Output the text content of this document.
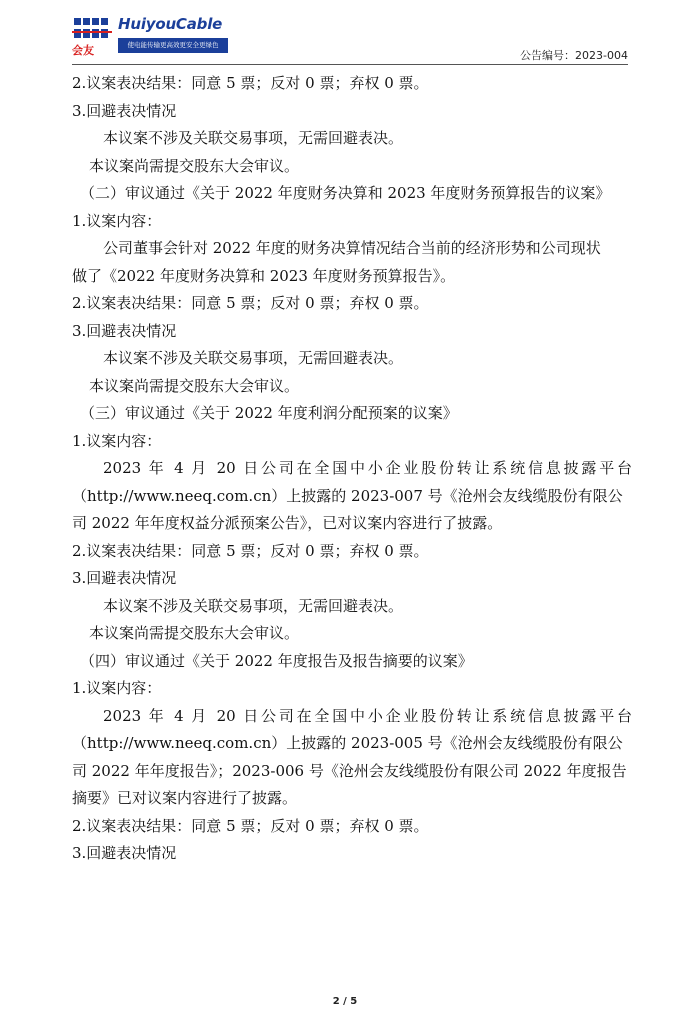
HuiyouCable
会友	使电能传输更高效更安全更绿色
公告编号：2023-004
2.议案表决结果：同意 5 票；反对 0 票；弃权 0 票。
3.回避表决情况
本议案不涉及关联交易事项，无需回避表决。
本议案尚需提交股东大会审议。
（二）审议通过《关于 2022 年度财务决算和 2023 年度财务预算报告的议案》
1.议案内容：
公司董事会针对 2022 年度的财务决算情况结合当前的经济形势和公司现状
做了《2022 年度财务决算和 2023 年度财务预算报告》。
2.议案表决结果：同意 5 票；反对 0 票；弃权 0 票。
3.回避表决情况
本议案不涉及关联交易事项，无需回避表决。
本议案尚需提交股东大会审议。
（三）审议通过《关于 2022 年度利润分配预案的议案》
1.议案内容：
2023 年 4 月 20 日公司在全国中小企业股份转让系统信息披露平台
（http://www.neeq.com.cn）上披露的 2023-007 号《沧州会友线缆股份有限公
司 2022 年年度权益分派预案公告》，已对议案内容进行了披露。
2.议案表决结果：同意 5 票；反对 0 票；弃权 0 票。
3.回避表决情况
本议案不涉及关联交易事项，无需回避表决。
本议案尚需提交股东大会审议。
（四）审议通过《关于 2022 年度报告及报告摘要的议案》
1.议案内容：
2023 年 4 月 20 日公司在全国中小企业股份转让系统信息披露平台
（http://www.neeq.com.cn）上披露的 2023-005 号《沧州会友线缆股份有限公
司 2022 年年度报告》；2023-006 号《沧州会友线缆股份有限公司 2022 年度报告
摘要》已对议案内容进行了披露。
2.议案表决结果：同意 5 票；反对 0 票；弃权 0 票。
3.回避表决情况
2 / 5
